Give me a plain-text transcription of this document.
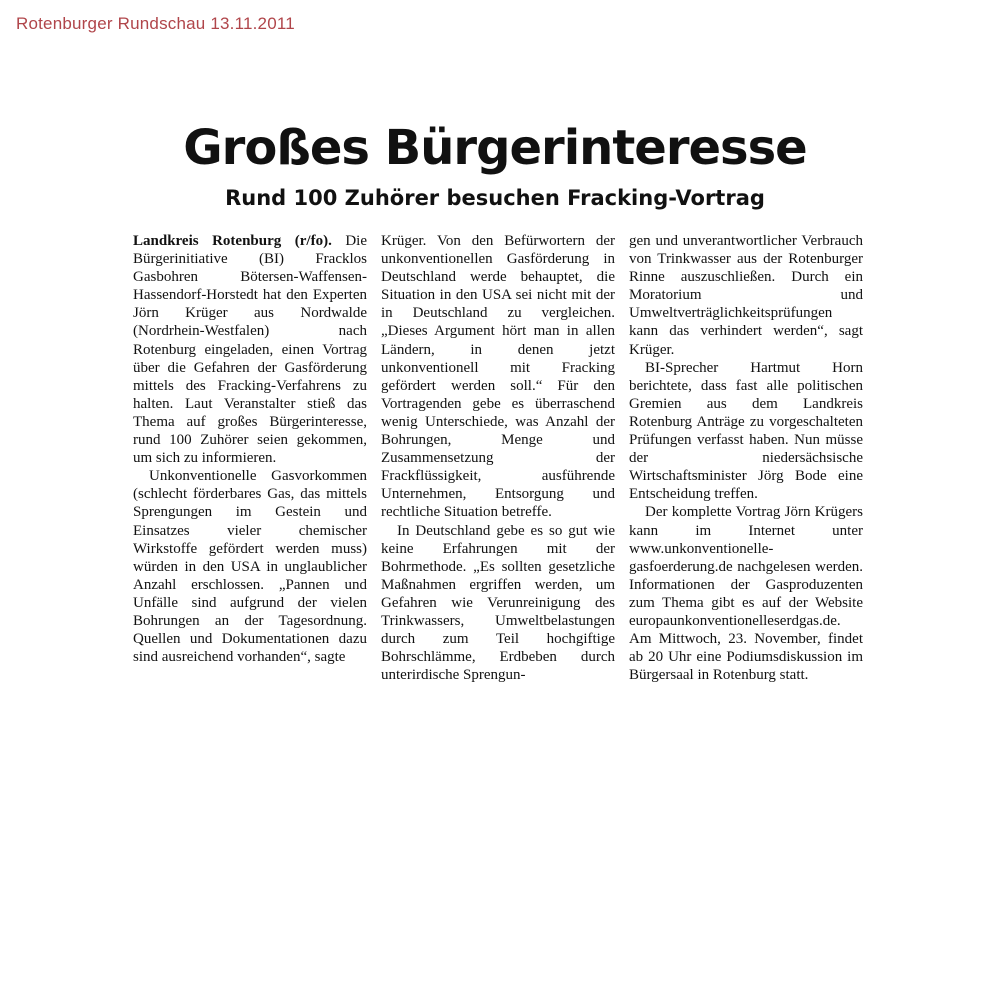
Rotenburger Rundschau 13.11.2011
Großes Bürgerinteresse
Rund 100 Zuhörer besuchen Fracking-Vortrag

Landkreis Rotenburg (r/fo). Die Bürgerinitiative (BI) Fracklos Gasbohren Bötersen-Waffensen-Hassendorf-Horstedt hat den Experten Jörn Krüger aus Nordwalde (Nordrhein-Westfalen) nach Rotenburg eingeladen, einen Vortrag über die Gefahren der Gasförderung mittels des Fracking-Verfahrens zu halten. Laut Veranstalter stieß das Thema auf großes Bürgerinteresse, rund 100 Zuhörer seien gekommen, um sich zu informieren.

Unkonventionelle Gasvorkommen (schlecht förderbares Gas, das mittels Sprengungen im Gestein und Einsatzes vieler chemischer Wirkstoffe gefördert werden muss) würden in den USA in unglaublicher Anzahl erschlossen. „Pannen und Unfälle sind aufgrund der vielen Bohrungen an der Tagesordnung. Quellen und Dokumentationen dazu sind ausreichend vorhanden“, sagte

Krüger. Von den Befürwortern der unkonventionellen Gasförderung in Deutschland werde behauptet, die Situation in den USA sei nicht mit der in Deutschland zu vergleichen. „Dieses Argument hört man in allen Ländern, in denen jetzt unkonventionell mit Fracking gefördert werden soll.“ Für den Vortragenden gebe es überraschend wenig Unterschiede, was Anzahl der Bohrungen, Menge und Zusammensetzung der Frackflüssigkeit, ausführende Unternehmen, Entsorgung und rechtliche Situation betreffe.

In Deutschland gebe es so gut wie keine Erfahrungen mit der Bohrmethode. „Es sollten gesetzliche Maßnahmen ergriffen werden, um Gefahren wie Verunreinigung des Trinkwassers, Umweltbelastungen durch zum Teil hochgiftige Bohrschlämme, Erdbeben durch unterirdische Sprengun-

gen und unverantwortlicher Verbrauch von Trinkwasser aus der Rotenburger Rinne auszuschließen. Durch ein Moratorium und Umweltverträglichkeitsprüfungen kann das verhindert werden“, sagt Krüger.

BI-Sprecher Hartmut Horn berichtete, dass fast alle politischen Gremien aus dem Landkreis Rotenburg Anträge zu vorgeschalteten Prüfungen verfasst haben. Nun müsse der niedersächsische Wirtschaftsminister Jörg Bode eine Entscheidung treffen.

Der komplette Vortrag Jörn Krügers kann im Internet unter www.unkonventionelle-gasfoerderung.de nachgelesen werden. Informationen der Gasproduzenten zum Thema gibt es auf der Website europaunkonventionelleserdgas.de. Am Mittwoch, 23. November, findet ab 20 Uhr eine Podiumsdiskussion im Bürgersaal in Rotenburg statt.
